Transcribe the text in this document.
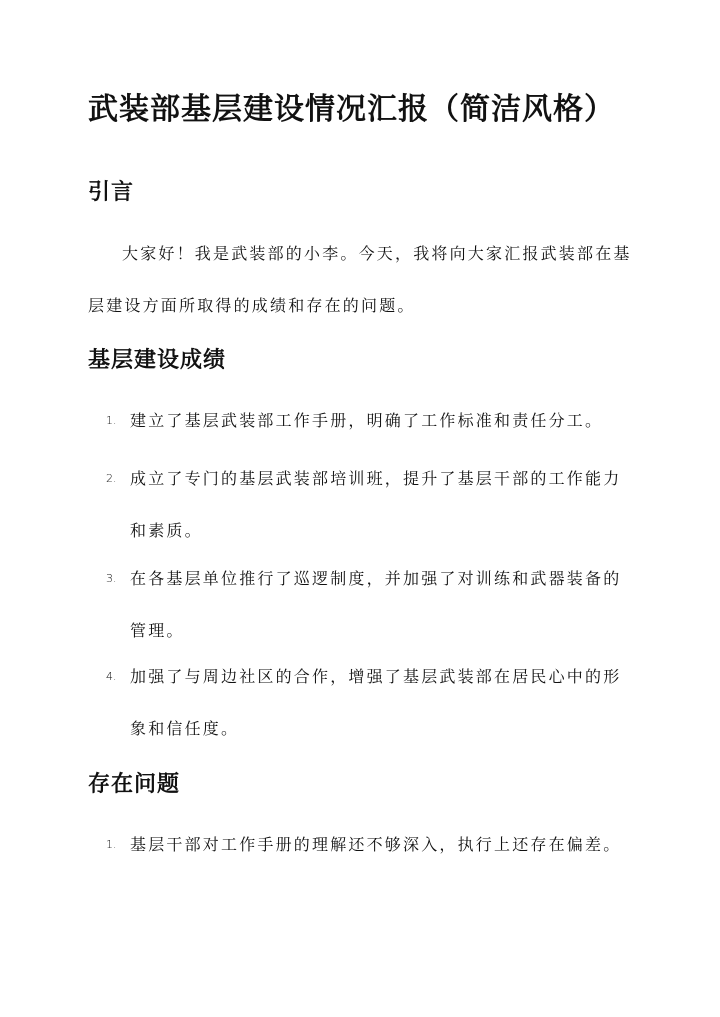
武装部基层建设情况汇报（简洁风格）
引言

大家好！我是武装部的小李。今天，我将向大家汇报武装部在基层建设方面所取得的成绩和存在的问题。

基层建设成绩
1. 建立了基层武装部工作手册，明确了工作标准和责任分工。
2. 成立了专门的基层武装部培训班，提升了基层干部的工作能力和素质。
3. 在各基层单位推行了巡逻制度，并加强了对训练和武器装备的管理。
4. 加强了与周边社区的合作，增强了基层武装部在居民心中的形象和信任度。
存在问题
1. 基层干部对工作手册的理解还不够深入，执行上还存在偏差。
